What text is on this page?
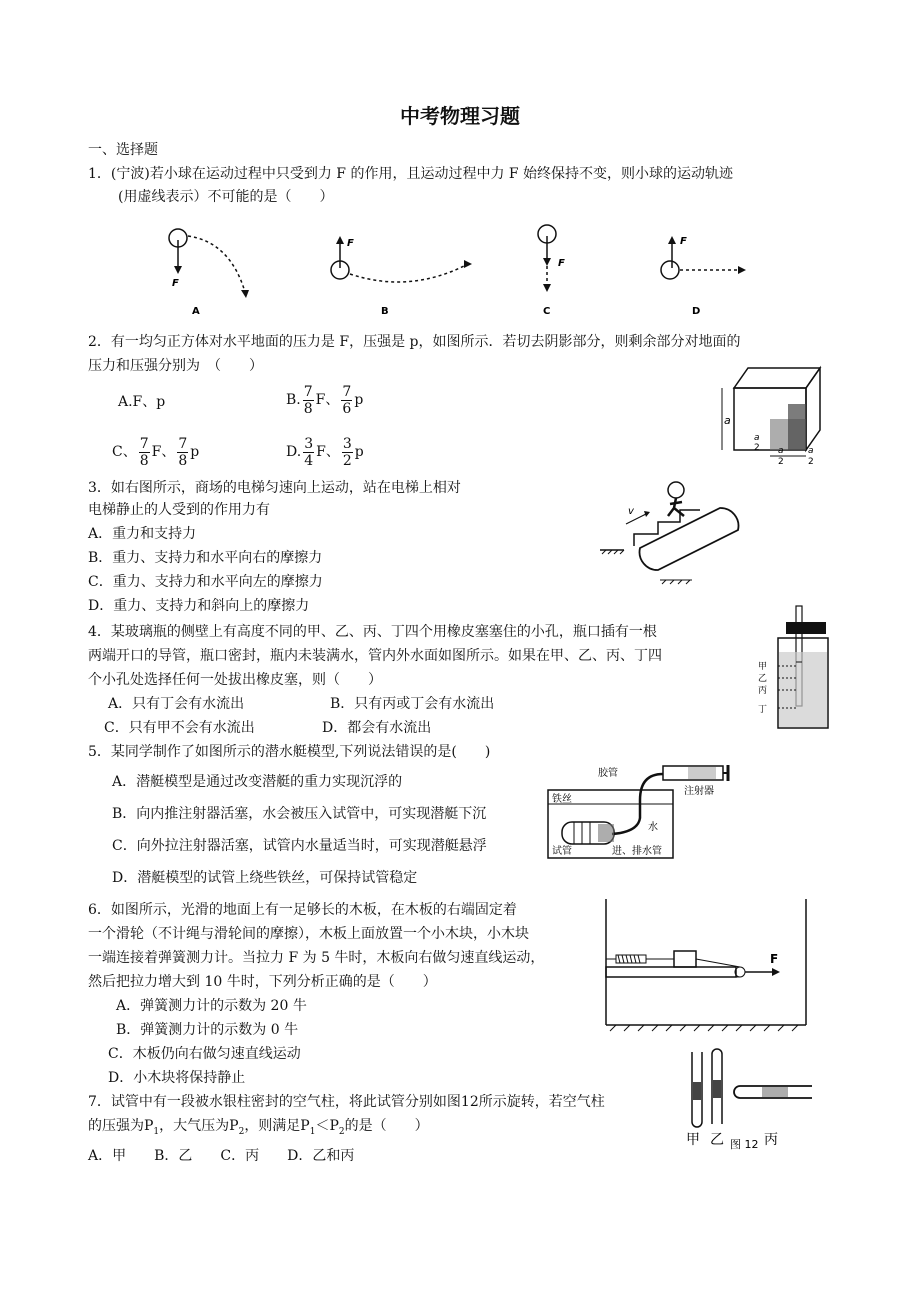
中考物理习题
一、选择题
1．(宁波)若小球在运动过程中只受到力 F 的作用，且运动过程中力 F 始终保持不变，则小球的运动轨迹
(用虚线表示）不可能的是（　　）
F
A
F
B
F
C
F
D
2．有一均匀正方体对水平地面的压力是 F，压强是 p，如图所示．若切去阴影部分，则剩余部分对地面的
压力和压强分别为　（　　）
A.F、p	B. $\frac{7}{8}$ F、 $\frac{7}{6}$ p
C、 $\frac{7}{8}$ F、 $\frac{7}{8}$ p	D. $\frac{3}{4}$ F、 $\frac{3}{2}$ p
a
a
2 a
2
a
2
3．如右图所示，商场的电梯匀速向上运动，站在电梯上相对
电梯静止的人受到的作用力有
A．重力和支持力
B．重力、支持力和水平向右的摩擦力
C．重力、支持力和水平向左的摩擦力
D．重力、支持力和斜向上的摩擦力
v
4．某玻璃瓶的侧壁上有高度不同的甲、乙、丙、丁四个用橡皮塞塞住的小孔，瓶口插有一根
两端开口的导管，瓶口密封，瓶内未装满水，管内外水面如图所示。如果在甲、乙、丙、丁四
个小孔处选择任何一处拔出橡皮塞，则（　　）
A．只有丁会有水流出	B．只有丙或丁会有水流出
C．只有甲不会有水流出	D．都会有水流出
甲
乙
丙
丁
5．某同学制作了如图所示的潜水艇模型,下列说法错误的是(　　)
A．潜艇模型是通过改变潜艇的重力实现沉浮的
B．向内推注射器活塞，水会被压入试管中，可实现潜艇下沉
C．向外拉注射器活塞，试管内水量适当时，可实现潜艇悬浮
D．潜艇模型的试管上绕些铁丝，可保持试管稳定
胶管
注射器
铁丝
水
试管	进、排水管
6．如图所示，光滑的地面上有一足够长的木板，在木板的右端固定着
一个滑轮（不计绳与滑轮间的摩擦），木板上面放置一个小木块，小木块
一端连接着弹簧测力计。当拉力 F 为 5 牛时，木板向右做匀速直线运动，
然后把拉力增大到 10 牛时，下列分析正确的是（　　）
A．弹簧测力计的示数为 20 牛
B．弹簧测力计的示数为 0 牛
C．木板仍向右做匀速直线运动
D．小木块将保持静止
F
7．试管中有一段被水银柱密封的空气柱，将此试管分别如图12所示旋转，若空气柱
的压强为$P_1$，大气压为$P_2$，则满足$P_1<P_2$的是（　　）
A．甲　　B．乙　　C．丙　　D．乙和丙
甲 乙 图 12 丙
